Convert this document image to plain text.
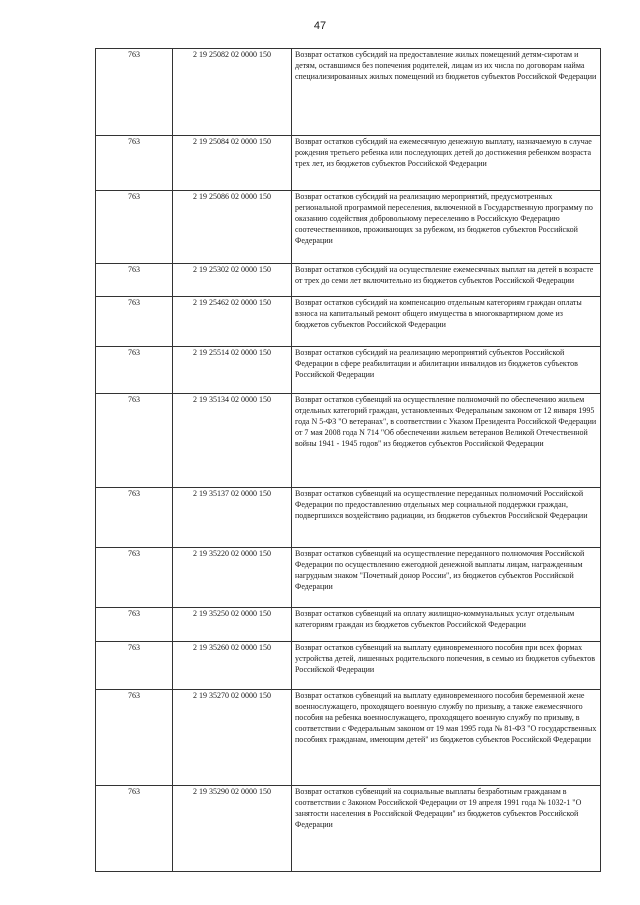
47
763	2 19 25082 02 0000 150	Возврат остатков субсидий на предоставление жилых помещений детям-сиротам и детям, оставшимся без попечения родителей, лицам из их числа по договорам найма специализированных жилых помещений из бюджетов субъектов Российской Федерации
763	2 19 25084 02 0000 150	Возврат остатков субсидий на ежемесячную денежную выплату, назначаемую в случае рождения третьего ребенка или последующих детей до достижения ребенком возраста трех лет, из бюджетов субъектов Российской Федерации
763	2 19 25086 02 0000 150	Возврат остатков субсидий на реализацию мероприятий, предусмотренных региональной программой переселения, включенной в Государственную программу по оказанию содействия добровольному переселению в Российскую Федерацию соотечественников, проживающих за рубежом, из бюджетов субъектов Российской Федерации
763	2 19 25302 02 0000 150	Возврат остатков субсидий на осуществление ежемесячных выплат на детей в возрасте от трех до семи лет включительно из бюджетов субъектов Российской Федерации
763	2 19 25462 02 0000 150	Возврат остатков субсидий на компенсацию отдельным категориям граждан оплаты взноса на капитальный ремонт общего имущества в многоквартирном доме из бюджетов субъектов Российской Федерации
763	2 19 25514 02 0000 150	Возврат остатков субсидий на реализацию мероприятий субъектов Российской Федерации в сфере реабилитации и абилитации инвалидов из бюджетов субъектов Российской Федерации
763	2 19 35134 02 0000 150	Возврат остатков субвенций на осуществление полномочий по обеспечению жильем отдельных категорий граждан, установленных Федеральным законом от 12 января 1995 года N 5-ФЗ "О ветеранах", в соответствии с Указом Президента Российской Федерации от 7 мая 2008 года N 714 "Об обеспечении жильем ветеранов Великой Отечественной войны 1941 - 1945 годов" из бюджетов субъектов Российской Федерации
763	2 19 35137 02 0000 150	Возврат остатков субвенций на осуществление переданных полномочий Российской Федерации по предоставлению отдельных мер социальной поддержки граждан, подвергшихся воздействию радиации, из бюджетов субъектов Российской Федерации
763	2 19 35220 02 0000 150	Возврат остатков субвенций на осуществление переданного полномочия Российской Федерации по осуществлению ежегодной денежной выплаты лицам, награжденным нагрудным знаком "Почетный донор России", из бюджетов субъектов Российской Федерации
763	2 19 35250 02 0000 150	Возврат остатков субвенций на оплату жилищно-коммунальных услуг отдельным категориям граждан из бюджетов субъектов Российской Федерации
763	2 19 35260 02 0000 150	Возврат остатков субвенций на выплату единовременного пособия при всех формах устройства детей, лишенных родительского попечения, в семью из бюджетов субъектов Российской Федерации
763	2 19 35270 02 0000 150	Возврат остатков субвенций на выплату единовременного пособия беременной жене военнослужащего, проходящего военную службу по призыву, а также ежемесячного пособия на ребенка военнослужащего, проходящего военную службу по призыву, в соответствии с Федеральным законом от 19 мая 1995 года № 81-ФЗ "О государственных пособиях гражданам, имеющим детей" из бюджетов субъектов Российской Федерации
763	2 19 35290 02 0000 150	Возврат остатков субвенций на социальные выплаты безработным гражданам в соответствии с Законом Российской Федерации от 19 апреля 1991 года № 1032-1 "О занятости населения в Российской Федерации" из бюджетов субъектов Российской Федерации
